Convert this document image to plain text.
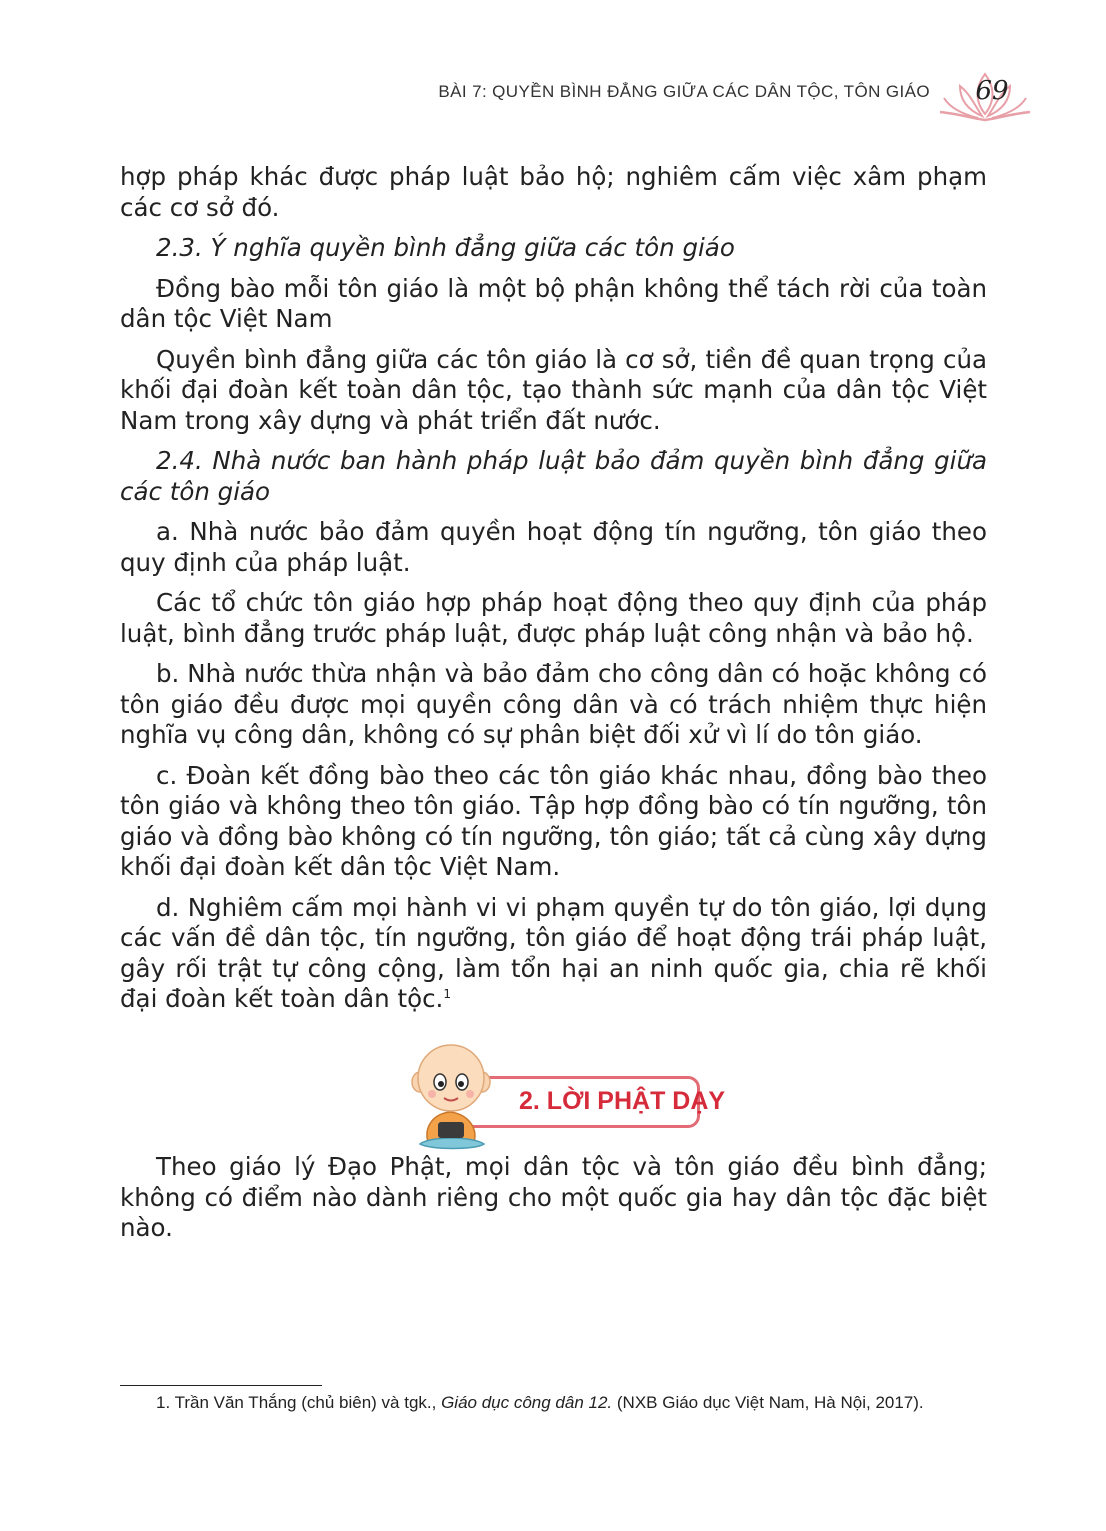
BÀI 7: QUYỀN BÌNH ĐẲNG GIỮA CÁC DÂN TỘC, TÔN GIÁO 69

hợp pháp khác được pháp luật bảo hộ; nghiêm cấm việc xâm phạm các cơ sở đó.

2.3. Ý nghĩa quyền bình đẳng giữa các tôn giáo

Đồng bào mỗi tôn giáo là một bộ phận không thể tách rời của toàn dân tộc Việt Nam

Quyền bình đẳng giữa các tôn giáo là cơ sở, tiền đề quan trọng của khối đại đoàn kết toàn dân tộc, tạo thành sức mạnh của dân tộc Việt Nam trong xây dựng và phát triển đất nước.

2.4. Nhà nước ban hành pháp luật bảo đảm quyền bình đẳng giữa các tôn giáo

a. Nhà nước bảo đảm quyền hoạt động tín ngưỡng, tôn giáo theo quy định của pháp luật.

Các tổ chức tôn giáo hợp pháp hoạt động theo quy định của pháp luật, bình đẳng trước pháp luật, được pháp luật công nhận và bảo hộ.

b. Nhà nước thừa nhận và bảo đảm cho công dân có hoặc không có tôn giáo đều được mọi quyền công dân và có trách nhiệm thực hiện nghĩa vụ công dân, không có sự phân biệt đối xử vì lí do tôn giáo.

c. Đoàn kết đồng bào theo các tôn giáo khác nhau, đồng bào theo tôn giáo và không theo tôn giáo. Tập hợp đồng bào có tín ngưỡng, tôn giáo và đồng bào không có tín ngưỡng, tôn giáo; tất cả cùng xây dựng khối đại đoàn kết dân tộc Việt Nam.

d. Nghiêm cấm mọi hành vi vi phạm quyền tự do tôn giáo, lợi dụng các vấn đề dân tộc, tín ngưỡng, tôn giáo để hoạt động trái pháp luật, gây rối trật tự công cộng, làm tổn hại an ninh quốc gia, chia rẽ khối đại đoàn kết toàn dân tộc.$^1$

2. LỜI PHẬT DẠY

Theo giáo lý Đạo Phật, mọi dân tộc và tôn giáo đều bình đẳng; không có điểm nào dành riêng cho một quốc gia hay dân tộc đặc biệt nào.

1. Trần Văn Thắng (chủ biên) và tgk., Giáo dục công dân 12. (NXB Giáo dục Việt Nam, Hà Nội, 2017).
